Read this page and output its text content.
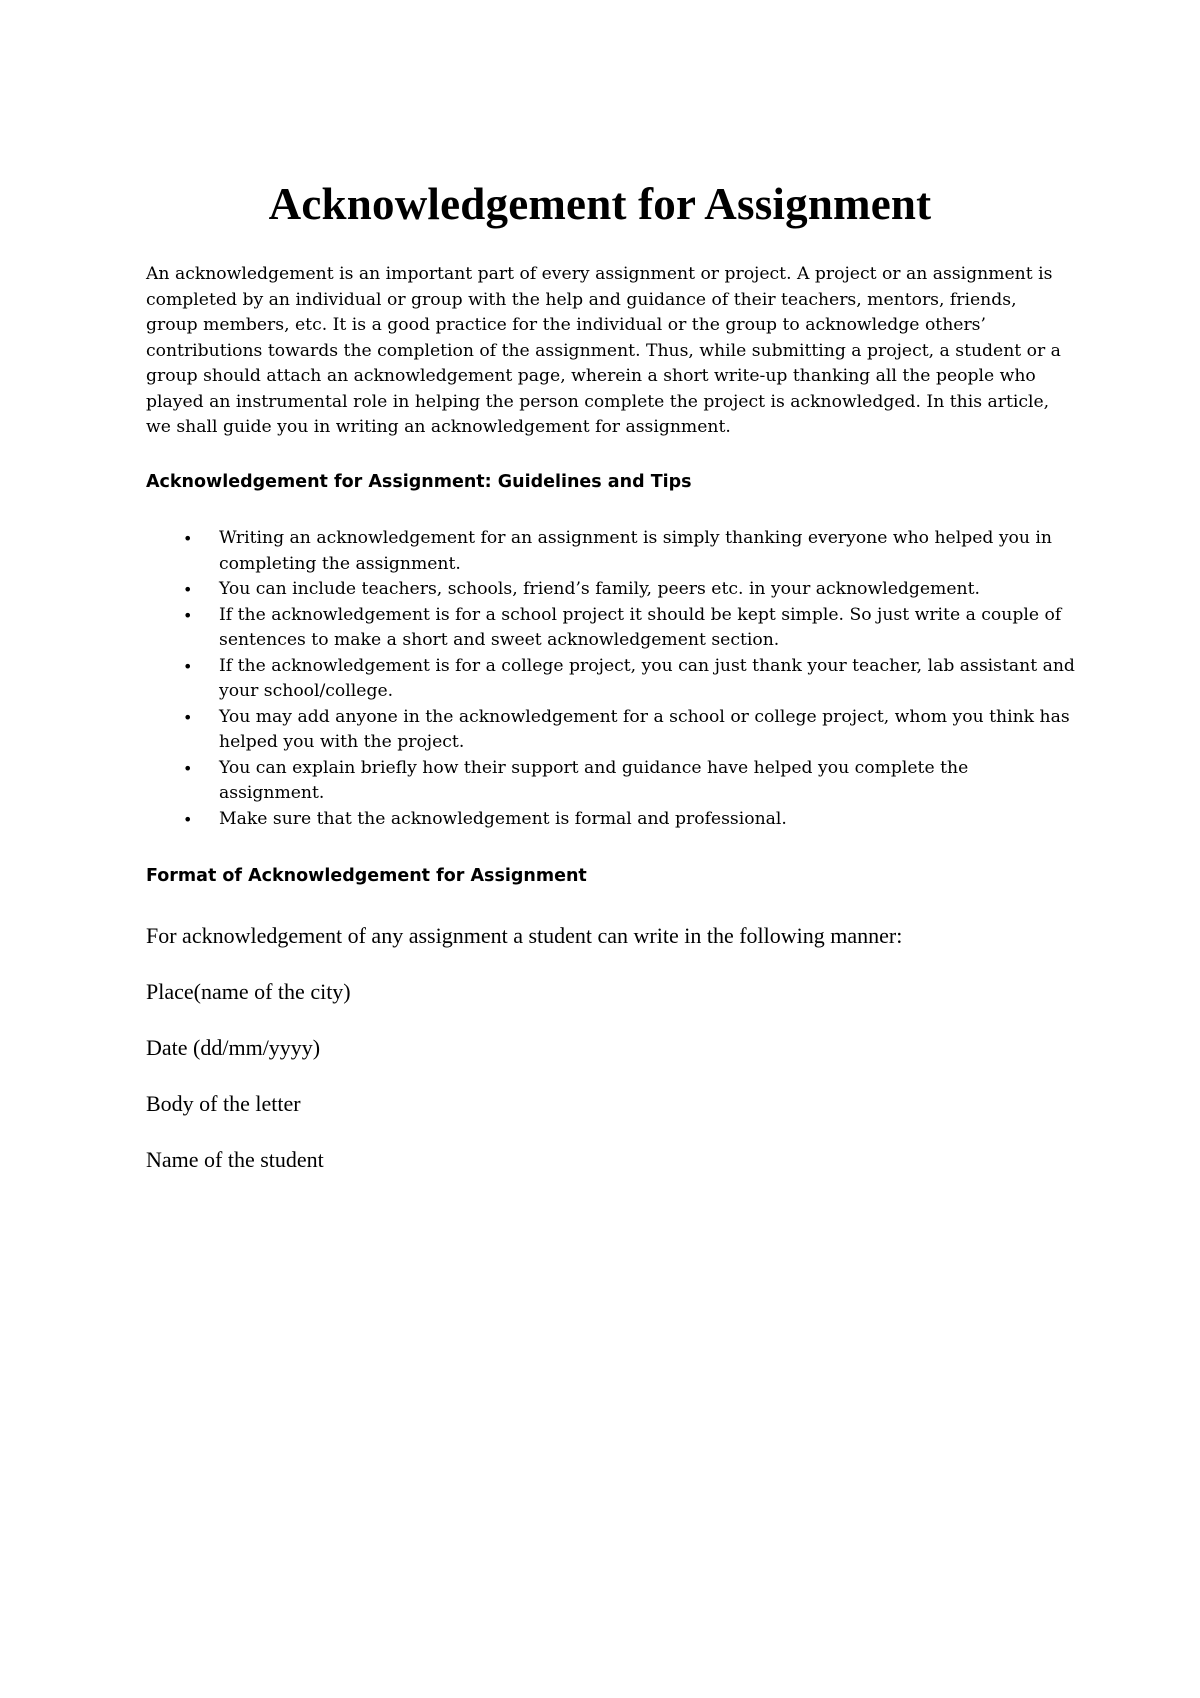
Acknowledgement for Assignment

An acknowledgement is an important part of every assignment or project. A project or an assignment is completed by an individual or group with the help and guidance of their teachers, mentors, friends, group members, etc. It is a good practice for the individual or the group to acknowledge others’ contributions towards the completion of the assignment. Thus, while submitting a project, a student or a group should attach an acknowledgement page, wherein a short write-up thanking all the people who played an instrumental role in helping the person complete the project is acknowledged. In this article, we shall guide you in writing an acknowledgement for assignment.

Acknowledgement for Assignment: Guidelines and Tips
• Writing an acknowledgement for an assignment is simply thanking everyone who helped you in completing the assignment.
• You can include teachers, schools, friend’s family, peers etc. in your acknowledgement.
• If the acknowledgement is for a school project it should be kept simple. So just write a couple of sentences to make a short and sweet acknowledgement section.
• If the acknowledgement is for a college project, you can just thank your teacher, lab assistant and your school/college.
• You may add anyone in the acknowledgement for a school or college project, whom you think has helped you with the project.
• You can explain briefly how their support and guidance have helped you complete the assignment.
• Make sure that the acknowledgement is formal and professional.
Format of Acknowledgement for Assignment

For acknowledgement of any assignment a student can write in the following manner:

Place(name of the city)

Date (dd/mm/yyyy)

Body of the letter

Name of the student
